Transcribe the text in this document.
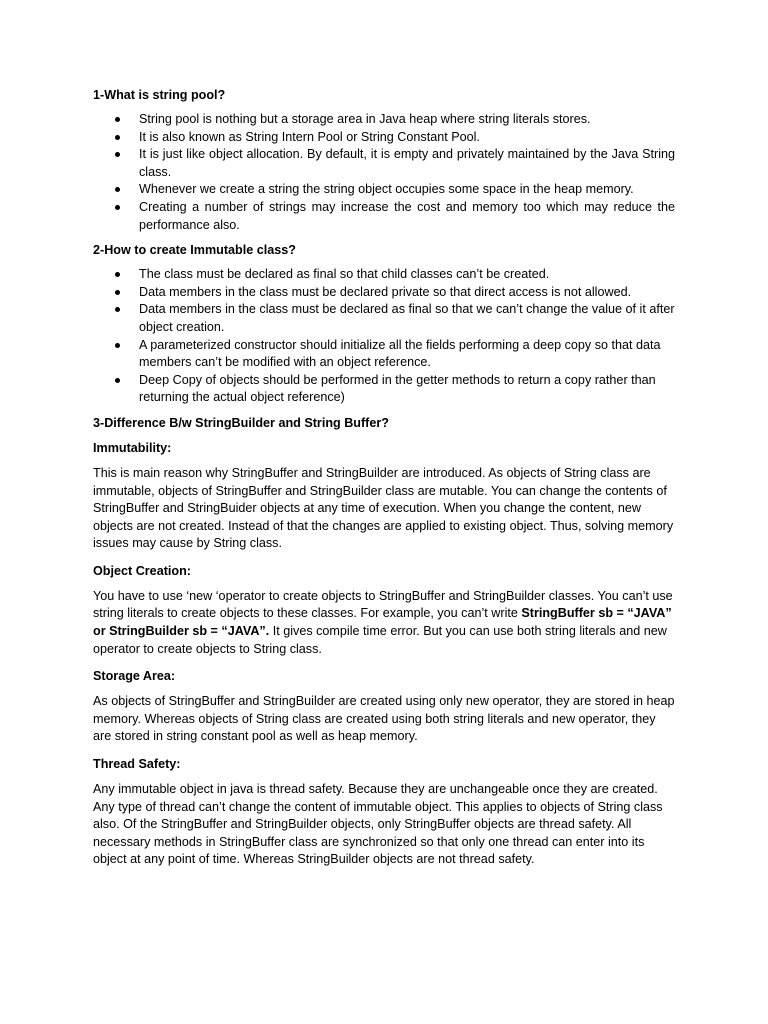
1-What is string pool?
String pool is nothing but a storage area in Java heap where string literals stores.
It is also known as String Intern Pool or String Constant Pool.
It is just like object allocation. By default, it is empty and privately maintained by the Java String class.
Whenever we create a string the string object occupies some space in the heap memory.
Creating a number of strings may increase the cost and memory too which may reduce the performance also.
2-How to create Immutable class?
The class must be declared as final so that child classes can’t be created.
Data members in the class must be declared private so that direct access is not allowed.
Data members in the class must be declared as final so that we can’t change the value of it after object creation.
A parameterized constructor should initialize all the fields performing a deep copy so that data members can’t be modified with an object reference.
Deep Copy of objects should be performed in the getter methods to return a copy rather than returning the actual object reference)
3-Difference B/w StringBuilder and String Buffer?
Immutability:

This is main reason why StringBuffer and StringBuilder are introduced. As objects of String class are immutable, objects of StringBuffer and StringBuilder class are mutable. You can change the contents of StringBuffer and StringBuider objects at any time of execution. When you change the content, new objects are not created. Instead of that the changes are applied to existing object. Thus, solving memory issues may cause by String class.

Object Creation:

You have to use ‘new ‘operator to create objects to StringBuffer and StringBuilder classes. You can’t use string literals to create objects to these classes. For example, you can’t write StringBuffer sb = “JAVA” or StringBuilder sb = “JAVA”. It gives compile time error. But you can use both string literals and new operator to create objects to String class.

Storage Area:

As objects of StringBuffer and StringBuilder are created using only new operator, they are stored in heap memory. Whereas objects of String class are created using both string literals and new operator, they are stored in string constant pool as well as heap memory.

Thread Safety:

Any immutable object in java is thread safety. Because they are unchangeable once they are created. Any type of thread can’t change the content of immutable object. This applies to objects of String class also. Of the StringBuffer and StringBuilder objects, only StringBuffer objects are thread safety. All necessary methods in StringBuffer class are synchronized so that only one thread can enter into its object at any point of time. Whereas StringBuilder objects are not thread safety.
